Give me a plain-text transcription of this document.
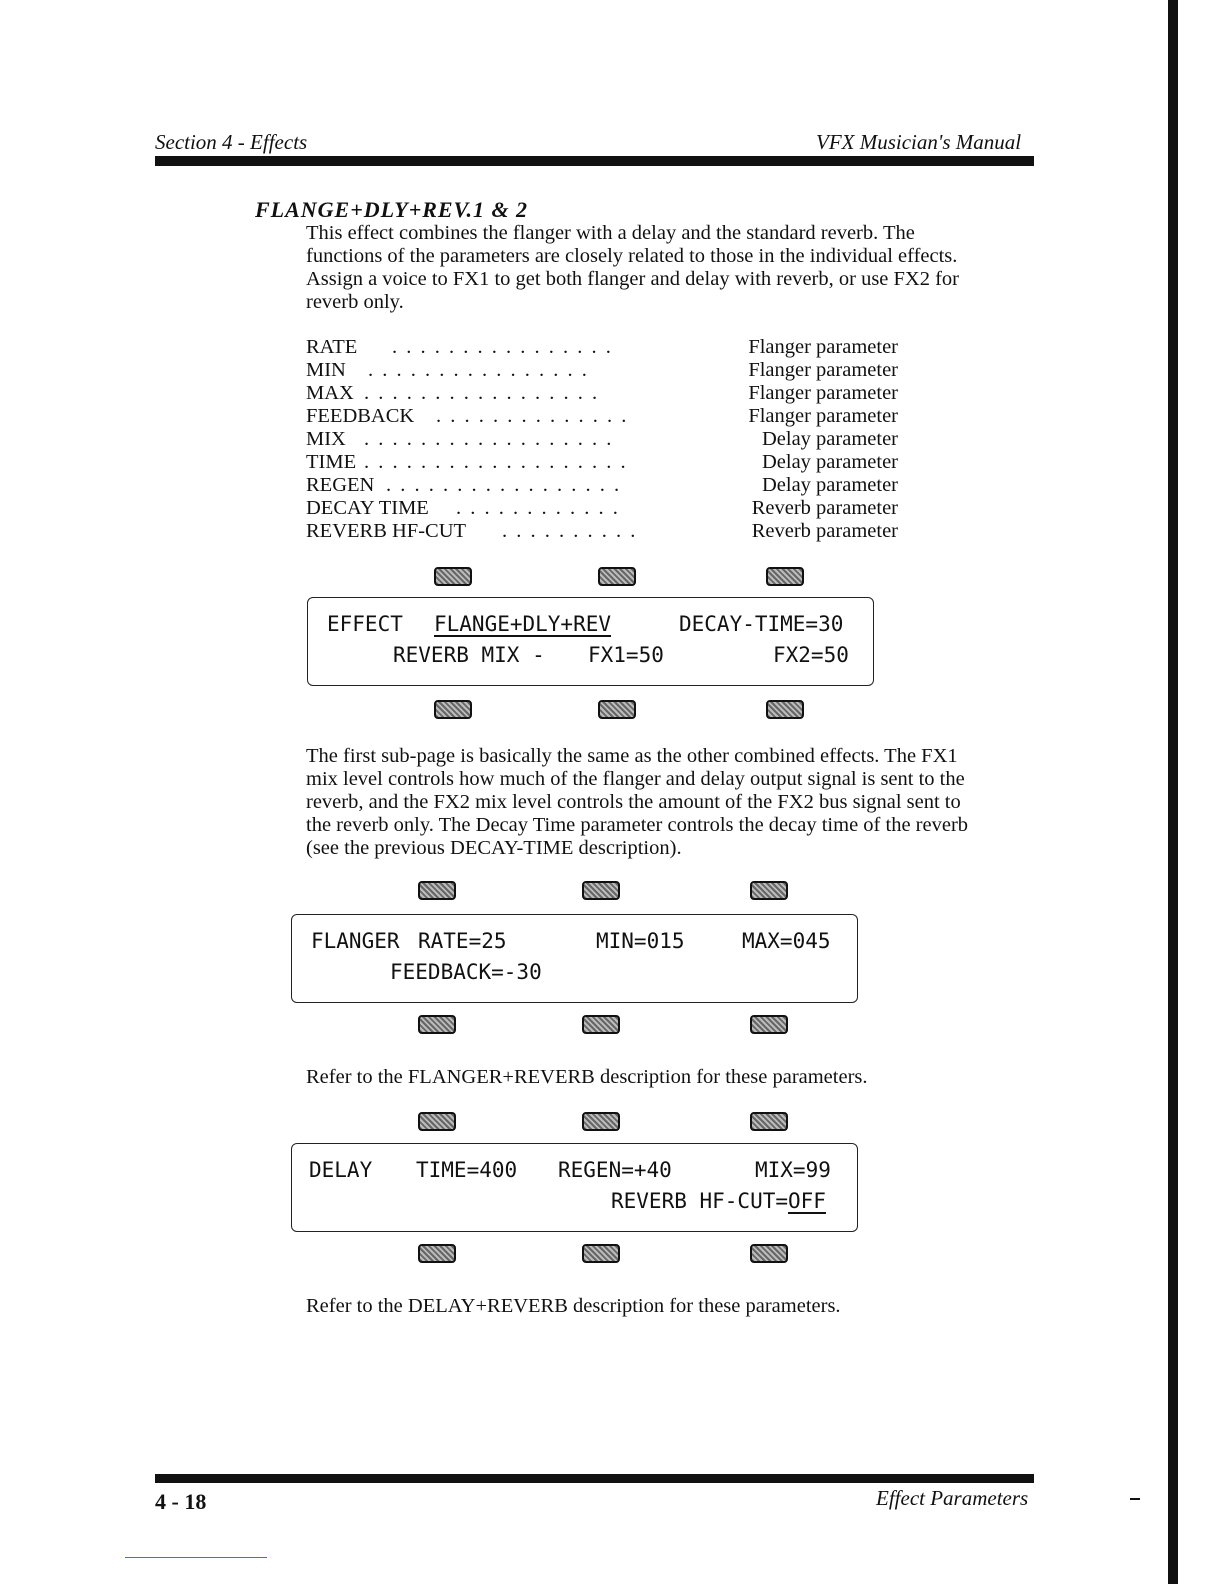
Section 4 - Effects	VFX Musician's Manual
FLANGE+DLY+REV.1 & 2
This effect combines the flanger with a delay and the standard reverb. The
functions of the parameters are closely related to those in the individual effects.
Assign a voice to FX1 to get both flanger and delay with reverb, or use FX2 for
reverb only.
RATE . . . . . . . . . . . . . . . .	Flanger parameter
MIN . . . . . . . . . . . . . . . .	Flanger parameter
MAX . . . . . . . . . . . . . . . . .	Flanger parameter
FEEDBACK . . . . . . . . . . . . . .	Flanger parameter
MIX . . . . . . . . . . . . . . . . . .	Delay parameter
TIME . . . . . . . . . . . . . . . . . . .	Delay parameter
REGEN . . . . . . . . . . . . . . . . .	Delay parameter
DECAY TIME . . . . . . . . . . . .	Reverb parameter
REVERB HF-CUT . . . . . . . . . .	Reverb parameter
EFFECT FLANGE+DLY+REV	DECAY-TIME=30
REVERB MIX - FX1=50	FX2=50
The first sub-page is basically the same as the other combined effects. The FX1
mix level controls how much of the flanger and delay output signal is sent to the
reverb, and the FX2 mix level controls the amount of the FX2 bus signal sent to
the reverb only. The Decay Time parameter controls the decay time of the reverb
(see the previous DECAY-TIME description).
FLANGER RATE=25	MIN=015	MAX=045
FEEDBACK=-30
Refer to the FLANGER+REVERB description for these parameters.
DELAY TIME=400 REGEN=+40	MIX=99
REVERB HF-CUT=OFF
Refer to the DELAY+REVERB description for these parameters.
4 - 18	Effect Parameters
